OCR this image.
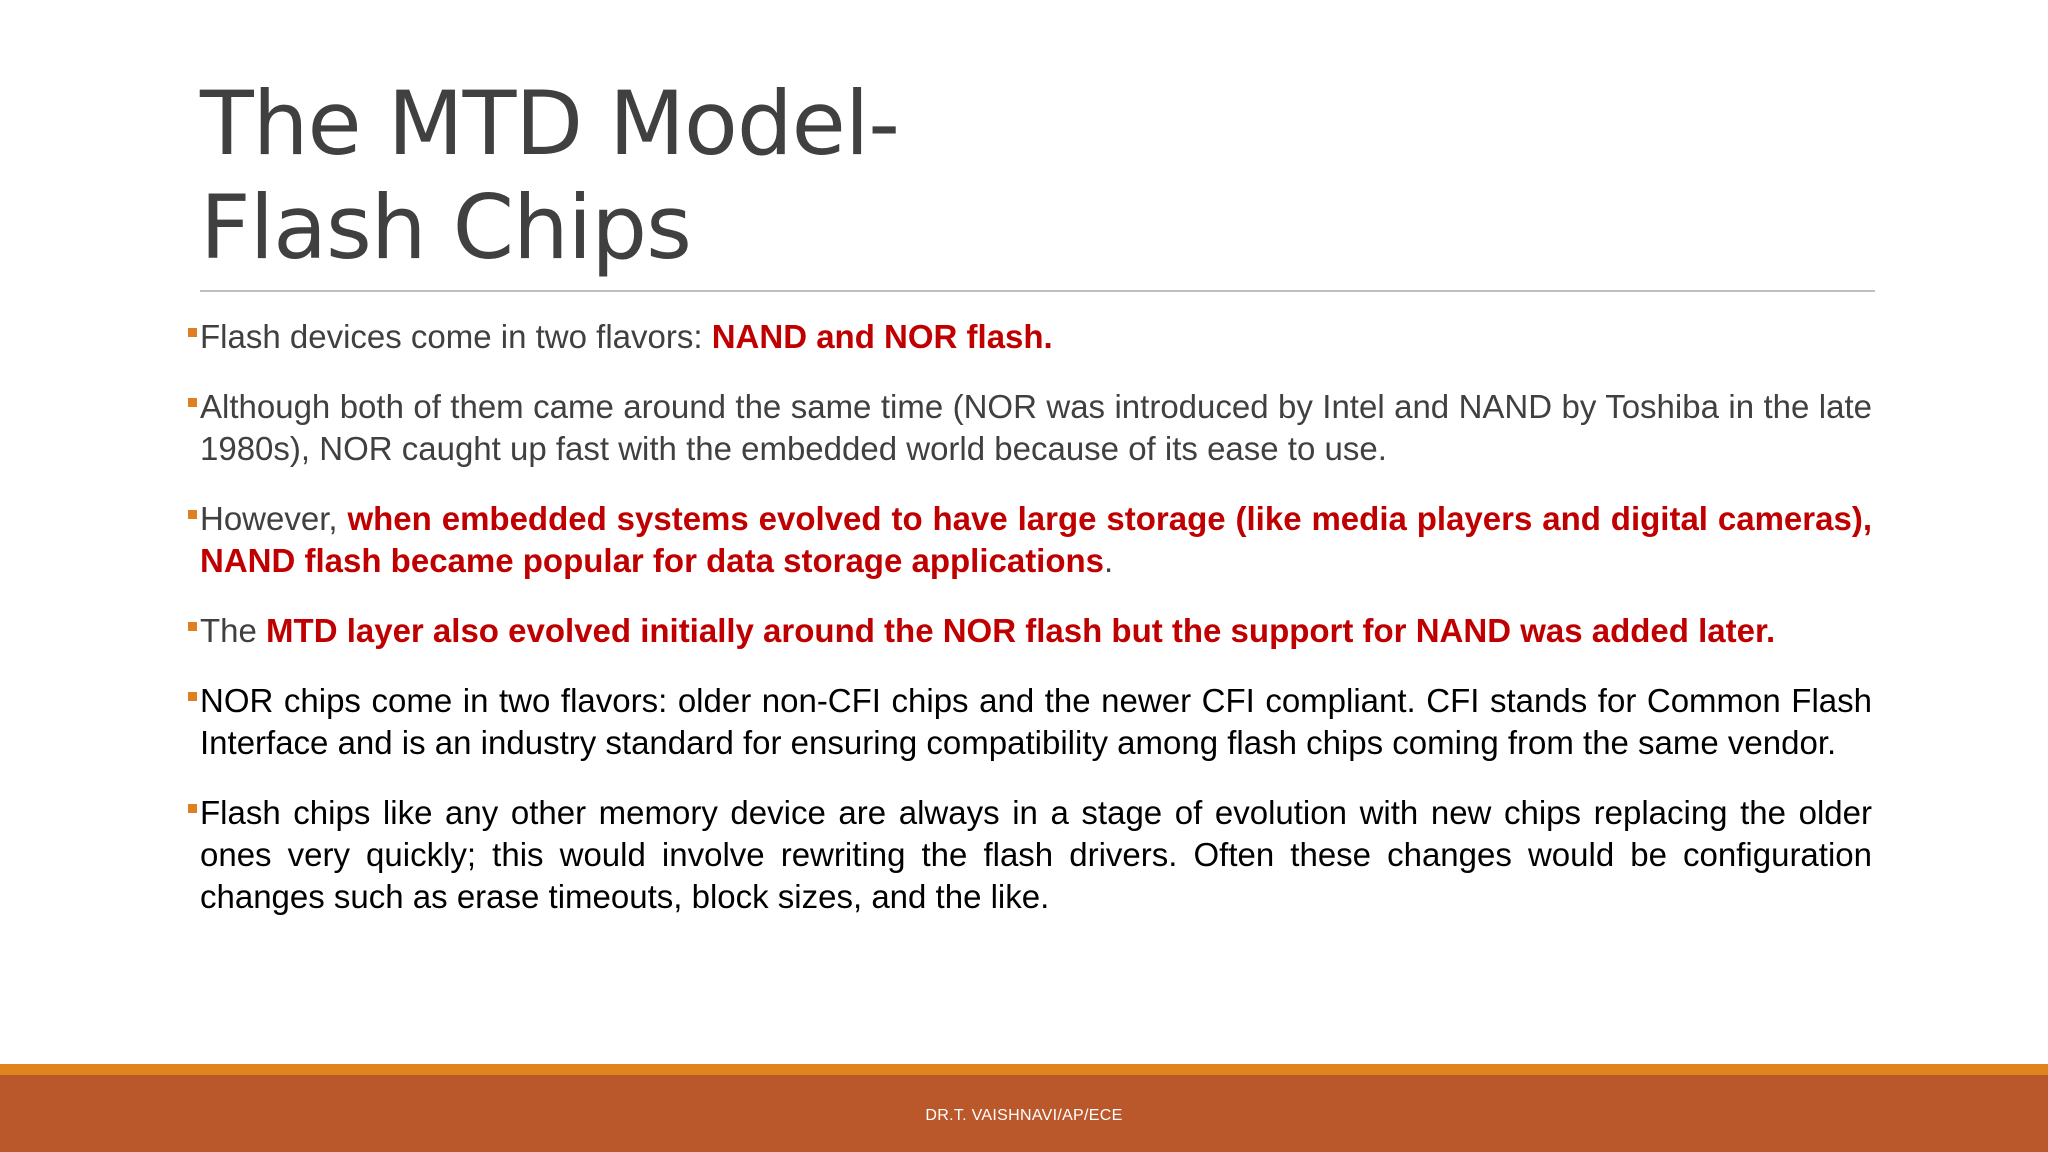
The MTD Model-
Flash Chips
Flash devices come in two flavors: NAND and NOR flash.
Although both of them came around the same time (NOR was introduced by Intel and NAND by Toshiba in the late 1980s), NOR caught up fast with the embedded world because of its ease to use.
However, when embedded systems evolved to have large storage (like media players and digital cameras), NAND flash became popular for data storage applications.
The MTD layer also evolved initially around the NOR flash but the support for NAND was added later.
NOR chips come in two flavors: older non-CFI chips and the newer CFI compliant. CFI stands for Common Flash Interface and is an industry standard for ensuring compatibility among flash chips coming from the same vendor.
Flash chips like any other memory device are always in a stage of evolution with new chips replacing the older ones very quickly; this would involve rewriting the flash drivers. Often these changes would be configuration changes such as erase timeouts, block sizes, and the like.
DR.T. VAISHNAVI/AP/ECE
